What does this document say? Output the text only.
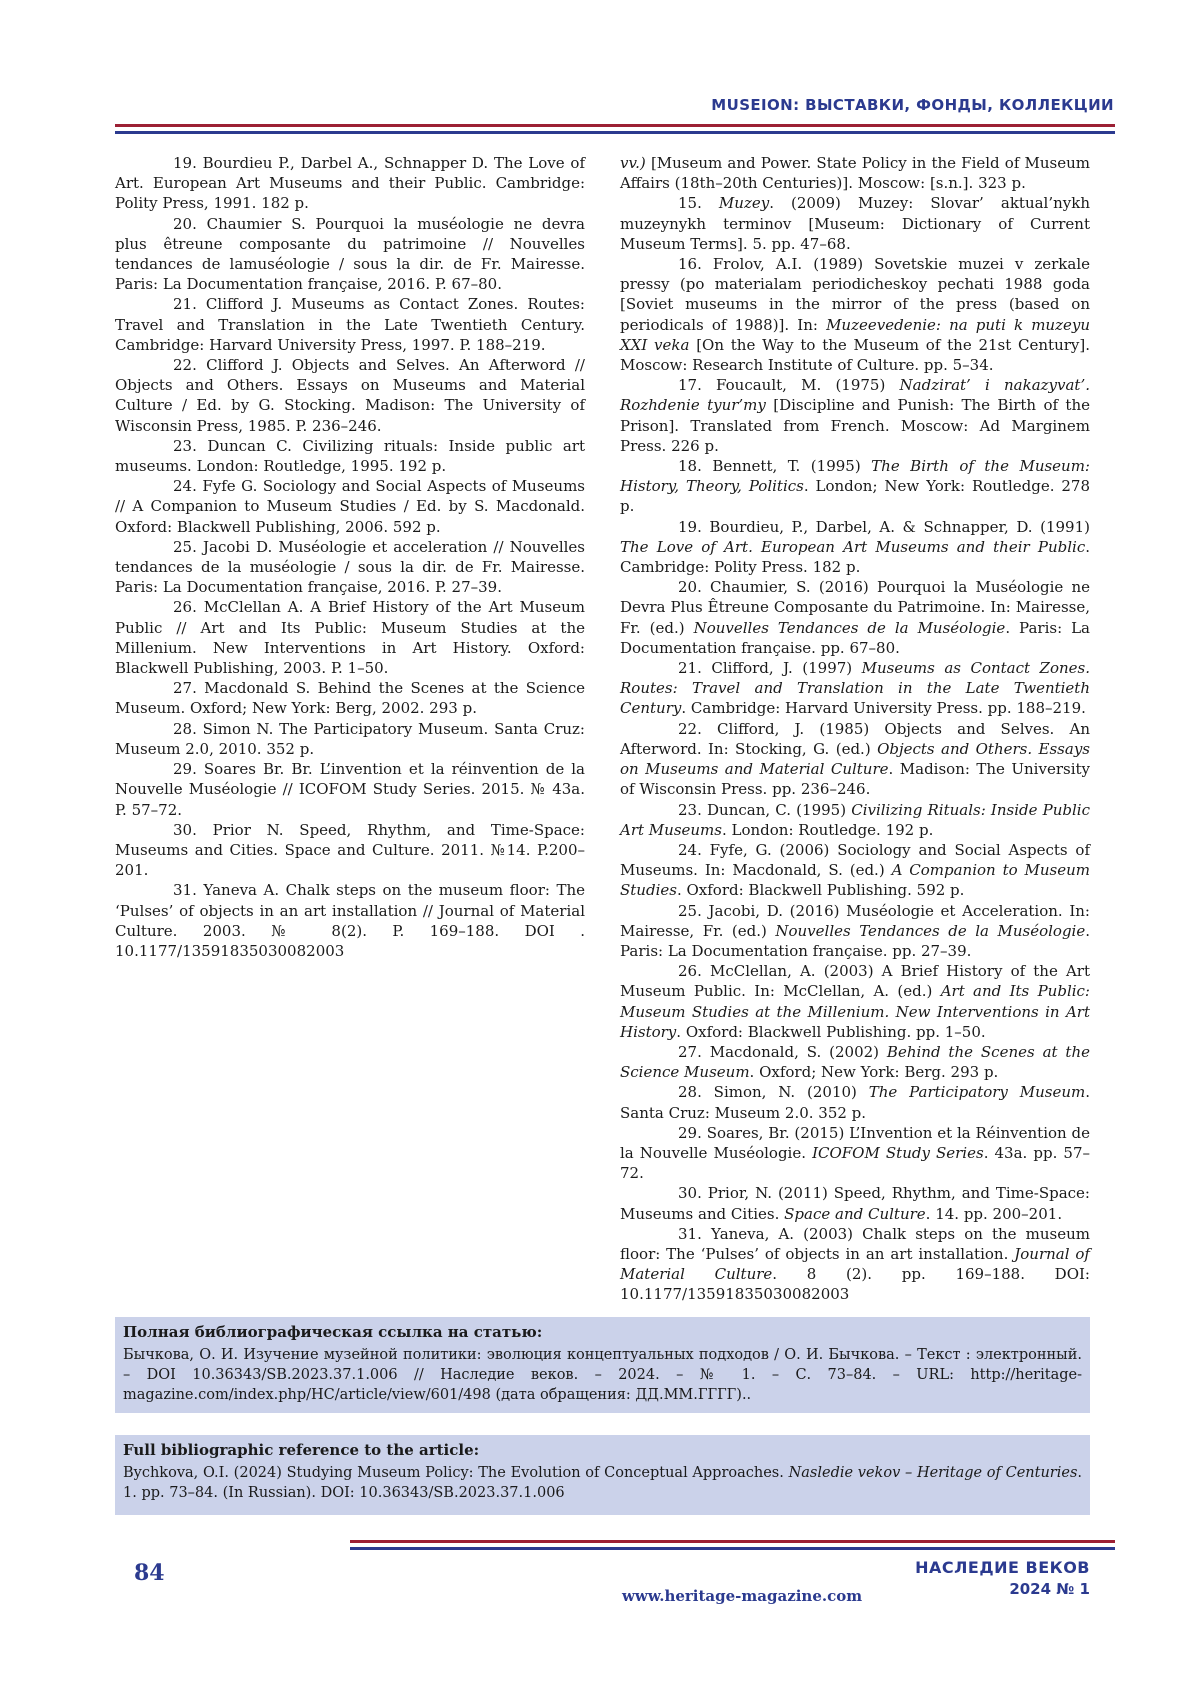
MUSEION: ВЫСТАВКИ, ФОНДЫ, КОЛЛЕКЦИИ

19. Bourdieu P., Darbel A., Schnapper D. The Love of Art. European Art Museums and their Public. Cambridge: Polity Press, 1991. 182 p.

20. Chaumier S. Pourquoi la muséologie ne devra plus êtreune composante du patrimoine // Nouvelles tendances de lamuséologie / sous la dir. de Fr. Mairesse. Paris: La Documentation française, 2016. P. 67–80.

21. Clifford J. Museums as Contact Zones. Routes: Travel and Translation in the Late Twentieth Century. Cambridge: Harvard University Press, 1997. P. 188–219.

22. Clifford J. Objects and Selves. An Afterword // Objects and Others. Essays on Museums and Material Culture / Ed. by G. Stocking. Madison: The University of Wisconsin Press, 1985. P. 236–246.

23. Duncan C. Civilizing rituals: Inside public art museums. London: Routledge, 1995. 192 p.

24. Fyfe G. Sociology and Social Aspects of Museums // A Companion to Museum Studies / Ed. by S. Macdonald. Oxford: Blackwell Publishing, 2006. 592 p.

25. Jacobi D. Muséologie et acceleration // Nouvelles tendances de la muséologie / sous la dir. de Fr. Mairesse. Paris: La Documentation française, 2016. P. 27–39.

26. McClellan A. A Brief History of the Art Museum Public // Art and Its Public: Museum Studies at the Millenium. New Interventions in Art History. Oxford: Blackwell Publishing, 2003. P. 1–50.

27. Macdonald S. Behind the Scenes at the Science Museum. Oxford; New York: Berg, 2002. 293 p.

28. Simon N. The Participatory Museum. Santa Cruz: Museum 2.0, 2010. 352 p.

29. Soares Br. Br. L’invention et la réinvention de la Nouvelle Muséologie // ICOFOM Study Series. 2015. № 43a. P. 57–72.

30. Prior N. Speed, Rhythm, and Time-Space: Museums and Cities. Space and Culture. 2011. №14. P.200–201.

31. Yaneva A. Chalk steps on the museum floor: The ‘Pulses’ of objects in an art installation // Journal of Material Culture. 2003. № 8(2). P. 169–188. DOI . 10.1177/13591835030082003

vv.) [Museum and Power. State Policy in the Field of Museum Affairs (18th–20th Centuries)]. Moscow: [s.n.]. 323 p.

15. Muzey. (2009) Muzey: Slovar’ aktual’nykh muzeynykh terminov [Museum: Dictionary of Current Museum Terms]. 5. pp. 47–68.

16. Frolov, A.I. (1989) Sovetskie muzei v zerkale pressy (po materialam periodicheskoy pechati 1988 goda [Soviet museums in the mirror of the press (based on periodicals of 1988)]. In: Muzeevedenie: na puti k muzeyu XXI veka [On the Way to the Museum of the 21st Century]. Moscow: Research Institute of Culture. pp. 5–34.

17. Foucault, M. (1975) Nadzirat’ i nakazyvat’. Rozhdenie tyur’my [Discipline and Punish: The Birth of the Prison]. Translated from French. Moscow: Ad Marginem Press. 226 p.

18. Bennett, T. (1995) The Birth of the Museum: History, Theory, Politics. London; New York: Routledge. 278 p.

19. Bourdieu, P., Darbel, A. & Schnapper, D. (1991) The Love of Art. European Art Museums and their Public. Cambridge: Polity Press. 182 p.

20. Chaumier, S. (2016) Pourquoi la Muséologie ne Devra Plus Êtreune Composante du Patrimoine. In: Mairesse, Fr. (ed.) Nouvelles Tendances de la Muséologie. Paris: La Documentation française. pp. 67–80.

21. Clifford, J. (1997) Museums as Contact Zones. Routes: Travel and Translation in the Late Twentieth Century. Cambridge: Harvard University Press. pp. 188–219.

22. Clifford, J. (1985) Objects and Selves. An Afterword. In: Stocking, G. (ed.) Objects and Others. Essays on Museums and Material Culture. Madison: The University of Wisconsin Press. pp. 236–246.

23. Duncan, C. (1995) Civilizing Rituals: Inside Public Art Museums. London: Routledge. 192 p.

24. Fyfe, G. (2006) Sociology and Social Aspects of Museums. In: Macdonald, S. (ed.) A Companion to Museum Studies. Oxford: Blackwell Publishing. 592 p.

25. Jacobi, D. (2016) Muséologie et Acceleration. In: Mairesse, Fr. (ed.) Nouvelles Tendances de la Muséologie. Paris: La Documentation française. pp. 27–39.

26. McClellan, A. (2003) A Brief History of the Art Museum Public. In: McClellan, A. (ed.) Art and Its Public: Museum Studies at the Millenium. New Interventions in Art History. Oxford: Blackwell Publishing. pp. 1–50.

27. Macdonald, S. (2002) Behind the Scenes at the Science Museum. Oxford; New York: Berg. 293 p.

28. Simon, N. (2010) The Participatory Museum. Santa Cruz: Museum 2.0. 352 p.

29. Soares, Br. (2015) L’Invention et la Réinvention de la Nouvelle Muséologie. ICOFOM Study Series. 43a. pp. 57–72.

30. Prior, N. (2011) Speed, Rhythm, and Time-Space: Museums and Cities. Space and Culture. 14. pp. 200–201.

31. Yaneva, A. (2003) Chalk steps on the museum floor: The ‘Pulses’ of objects in an art installation. Journal of Material Culture. 8 (2). pp. 169–188. DOI: 10.1177/13591835030082003

Полная библиографическая ссылка на статью:
Бычкова, О. И. Изучение музейной политики: эволюция концептуальных подходов / О. И. Бычкова. – Текст : электронный. – DOI 10.36343/SB.2023.37.1.006 // Наследие веков. – 2024. – № 1. – С. 73–84. – URL: http://heritage-magazine.com/index.php/HC/article/view/601/498 (дата обращения: ДД.ММ.ГГГГ)..
Full bibliographic reference to the article:
Bychkova, O.I. (2024) Studying Museum Policy: The Evolution of Conceptual Approaches. Nasledie vekov – Heritage of Centuries. 1. pp. 73–84. (In Russian). DOI: 10.36343/SB.2023.37.1.006
84
www.heritage-magazine.com
НАСЛЕДИЕ ВЕКОВ
2024 № 1
